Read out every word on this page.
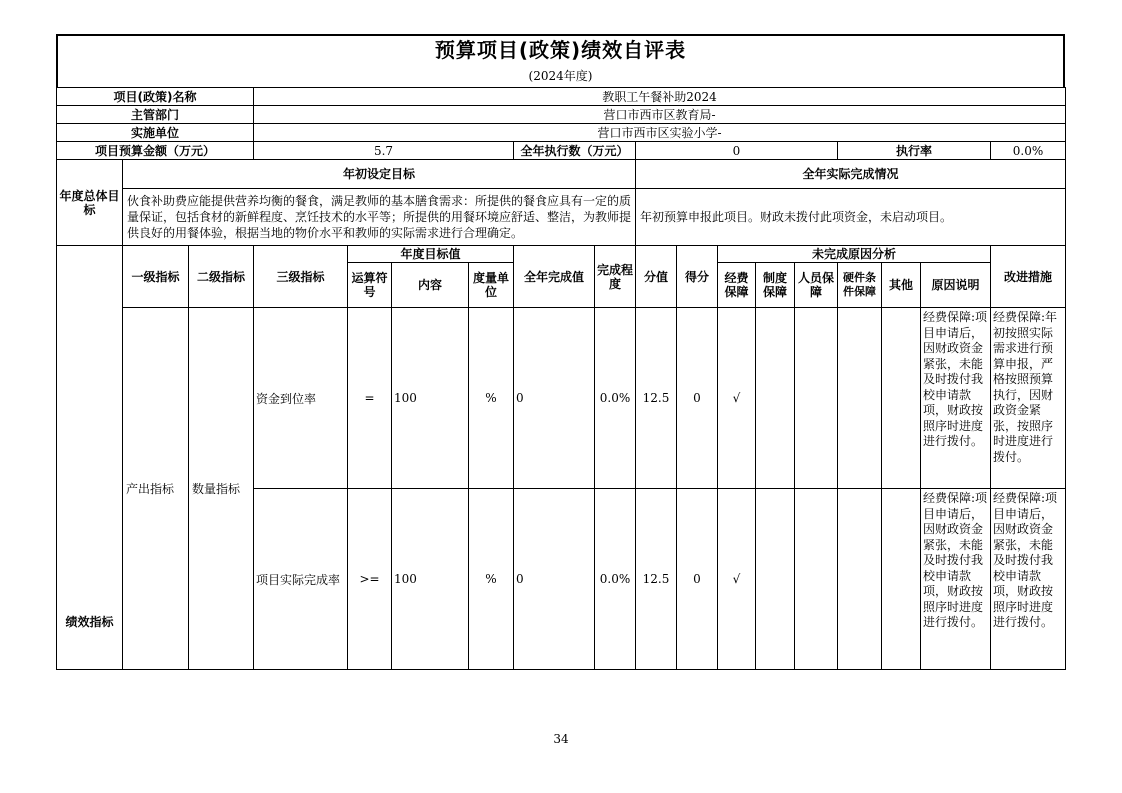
预算项目(政策)绩效自评表
(2024年度)
项目(政策)名称			教职工午餐补助2024														
主管部门			营口市西市区教育局-														
实施单位			营口市西市区实验小学-														
项目预算金额（万元）			5.7				全年执行数（万元）		0					执行率			0.0%
年度总体目标	年初设定目标								全年实际完成情况								
	伙食补助费应能提供营养均衡的餐食，满足教师的基本膳食需求：所提供的餐食应具有一定的质量保证，包括食材的新鲜程度、烹饪技术的水平等；所提供的用餐环境应舒适、整洁，为教师提供良好的用餐体验，根据当地的物价水平和教师的实际需求进行合理确定。								年初预算申报此项目。财政未拨付此项资金，未启动项目。								
绩效指标	一级指标	二级指标	三级指标	年度目标值			全年完成值	完成程度	分值	得分	未完成原因分析						改进措施
				运算符号	内容	度量单位					经费保障	制度保障	人员保障	硬件条件保障	其他	原因说明	
	产出指标	数量指标	资金到位率	=	100	%	0	0.0%	12.5	0	√					经费保障:项目申请后，因财政资金紧张，未能及时拨付我校申请款项，财政按照序时进度进行拨付。	经费保障:年初按照实际需求进行预算申报，严格按照预算执行，因财政资金紧张，按照序时进度进行拨付。
			项目实际完成率	>=	100	%	0	0.0%	12.5	0	√					经费保障:项目申请后，因财政资金紧张，未能及时拨付我校申请款项，财政按照序时进度进行拨付。	经费保障:项目申请后，因财政资金紧张，未能及时拨付我校申请款项，财政按照序时进度进行拨付。
34
